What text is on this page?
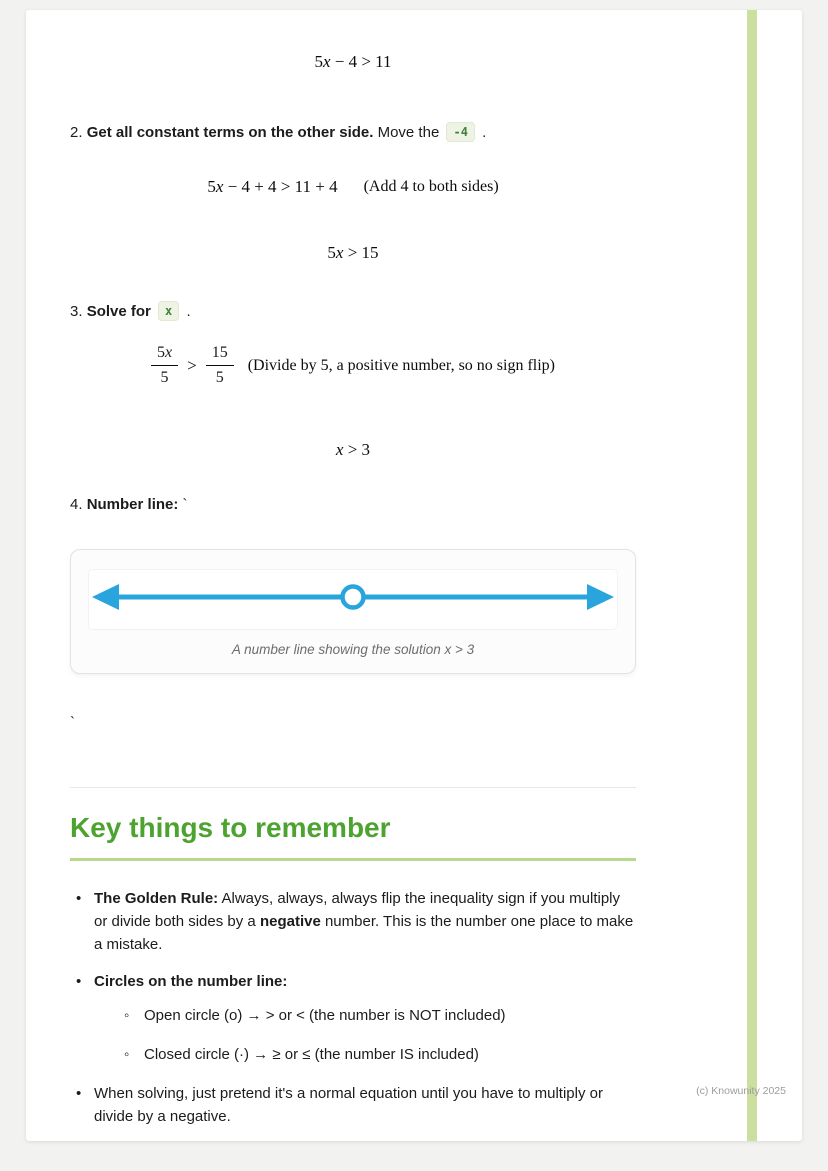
5x − 4 > 11
2. Get all constant terms on the other side. Move the -4 .
5x − 4 + 4 > 11 + 4 (Add 4 to both sides)
5x > 15
3. Solve for x .
$\frac{5x}{5} > \frac{15}{5}$ (Divide by 5, a positive number, so no sign flip)
x > 3
4. Number line: `
A number line showing the solution x > 3
`
Key things to remember
• The Golden Rule: Always, always, always flip the inequality sign if you multiply or divide both sides by a negative number. This is the number one place to make a mistake.
• Circles on the number line:
◦ Open circle (o) → > or < (the number is NOT included)
◦ Closed circle (·) → ≥ or ≤ (the number IS included)
• When solving, just pretend it's a normal equation until you have to multiply or divide by a negative.
(c) Knowunity 2025
